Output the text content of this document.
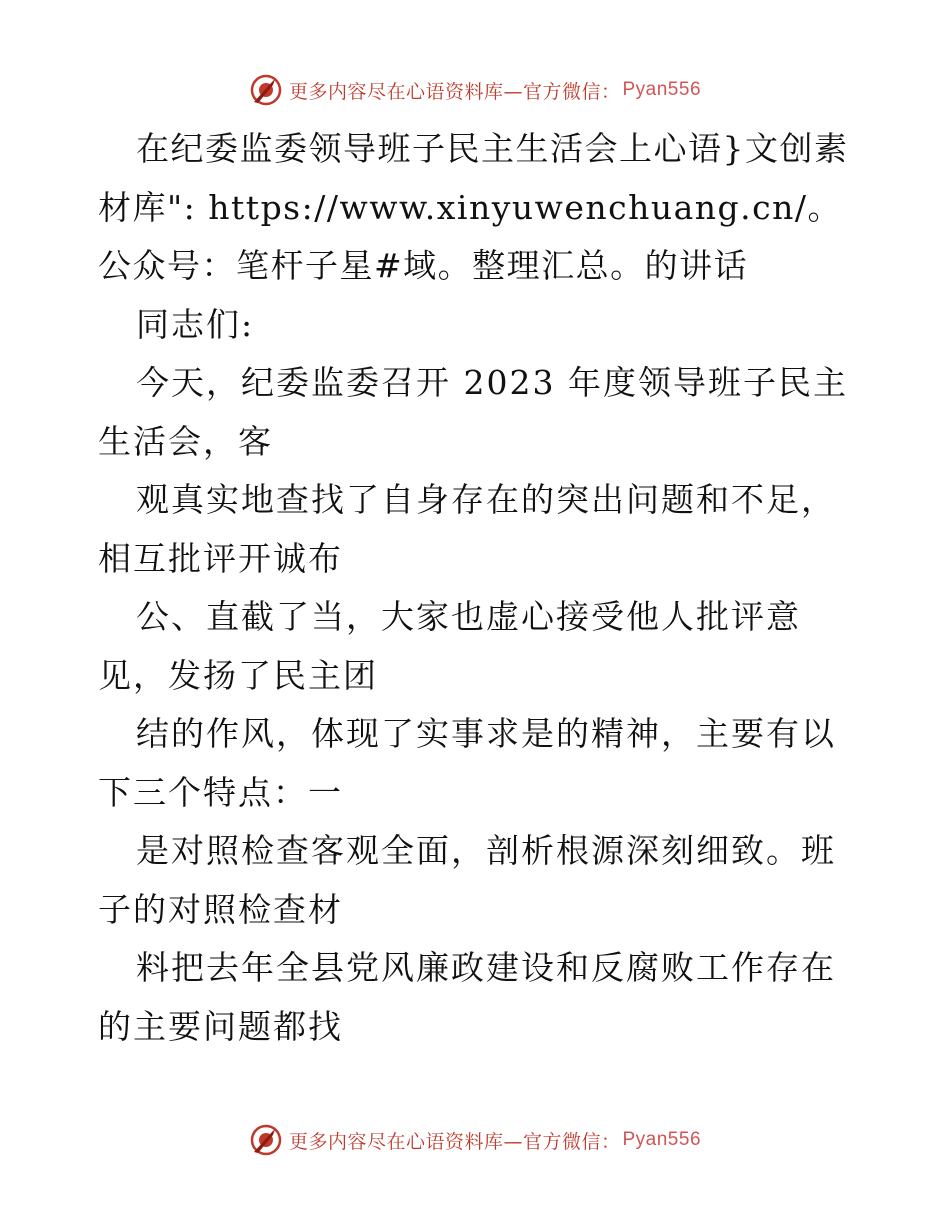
更多内容尽在心语资料库—官方微信： Pyan556

在纪委监委领导班子民主生活会上心语}文创素材库": https://www.xinyuwenchuang.cn/。公众号：笔杆子星#域。整理汇总。的讲话

同志们:

今天，纪委监委召开 2023 年度领导班子民主生活会，客

观真实地查找了自身存在的突出问题和不足，相互批评开诚布

公、直截了当，大家也虚心接受他人批评意见，发扬了民主团

结的作风，体现了实事求是的精神，主要有以下三个特点：一

是对照检查客观全面，剖析根源深刻细致。班子的对照检查材

料把去年全县党风廉政建设和反腐败工作存在的主要问题都找

更多内容尽在心语资料库—官方微信： Pyan556
